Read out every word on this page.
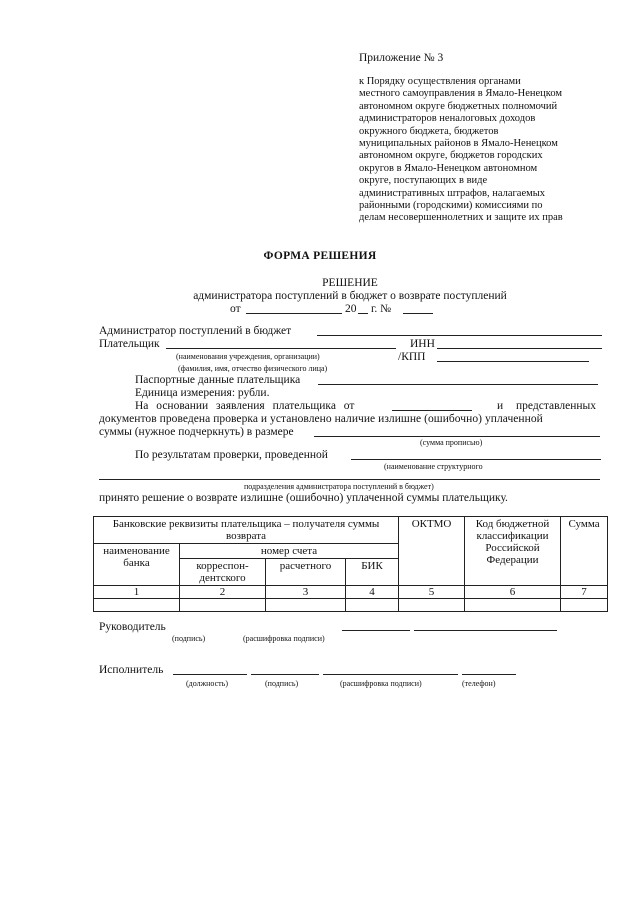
Приложение № 3
к Порядку осуществления органами
местного самоуправления в Ямало-Ненецком
автономном округе бюджетных полномочий
администраторов неналоговых доходов
окружного бюджета, бюджетов
муниципальных районов в Ямало-Ненецком
автономном округе, бюджетов городских
округов в Ямало-Ненецком автономном
округе, поступающих в виде
административных штрафов, налагаемых
районными (городскими) комиссиями по
делам несовершеннолетних и защите их прав
ФОРМА РЕШЕНИЯ
РЕШЕНИЕ
администратора поступлений в бюджет о возврате поступлений
от	20 г. №
Администратор поступлений в бюджет
Плательщик	ИНН
(наименования учреждения, организации)	/КПП
(фамилия, имя, отчество физического лица)
Паспортные данные плательщика
Единица измерения: рубли.
На основании заявления плательщика от	и представленных
документов проведена проверка и установлено наличие излишне (ошибочно) уплаченной
суммы (нужное подчеркнуть) в размере
(сумма прописью)
По результатам проверки, проведенной
(наименование структурного
подразделения администратора поступлений в бюджет)
принято решение о возврате излишне (ошибочно) уплаченной суммы плательщику.
Банковские реквизиты плательщика – получателя суммы возврата				ОКТМО	Код бюджетной классификации Российской Федерации	Сумма
наименование банка	номер счета					
	корреспон-дентского	расчетного	БИК			
1	2	3	4	5	6	7

Руководитель
(подпись)	(расшифровка подписи)
Исполнитель
(должность)	(подпись)	(расшифровка подписи)	(телефон)
